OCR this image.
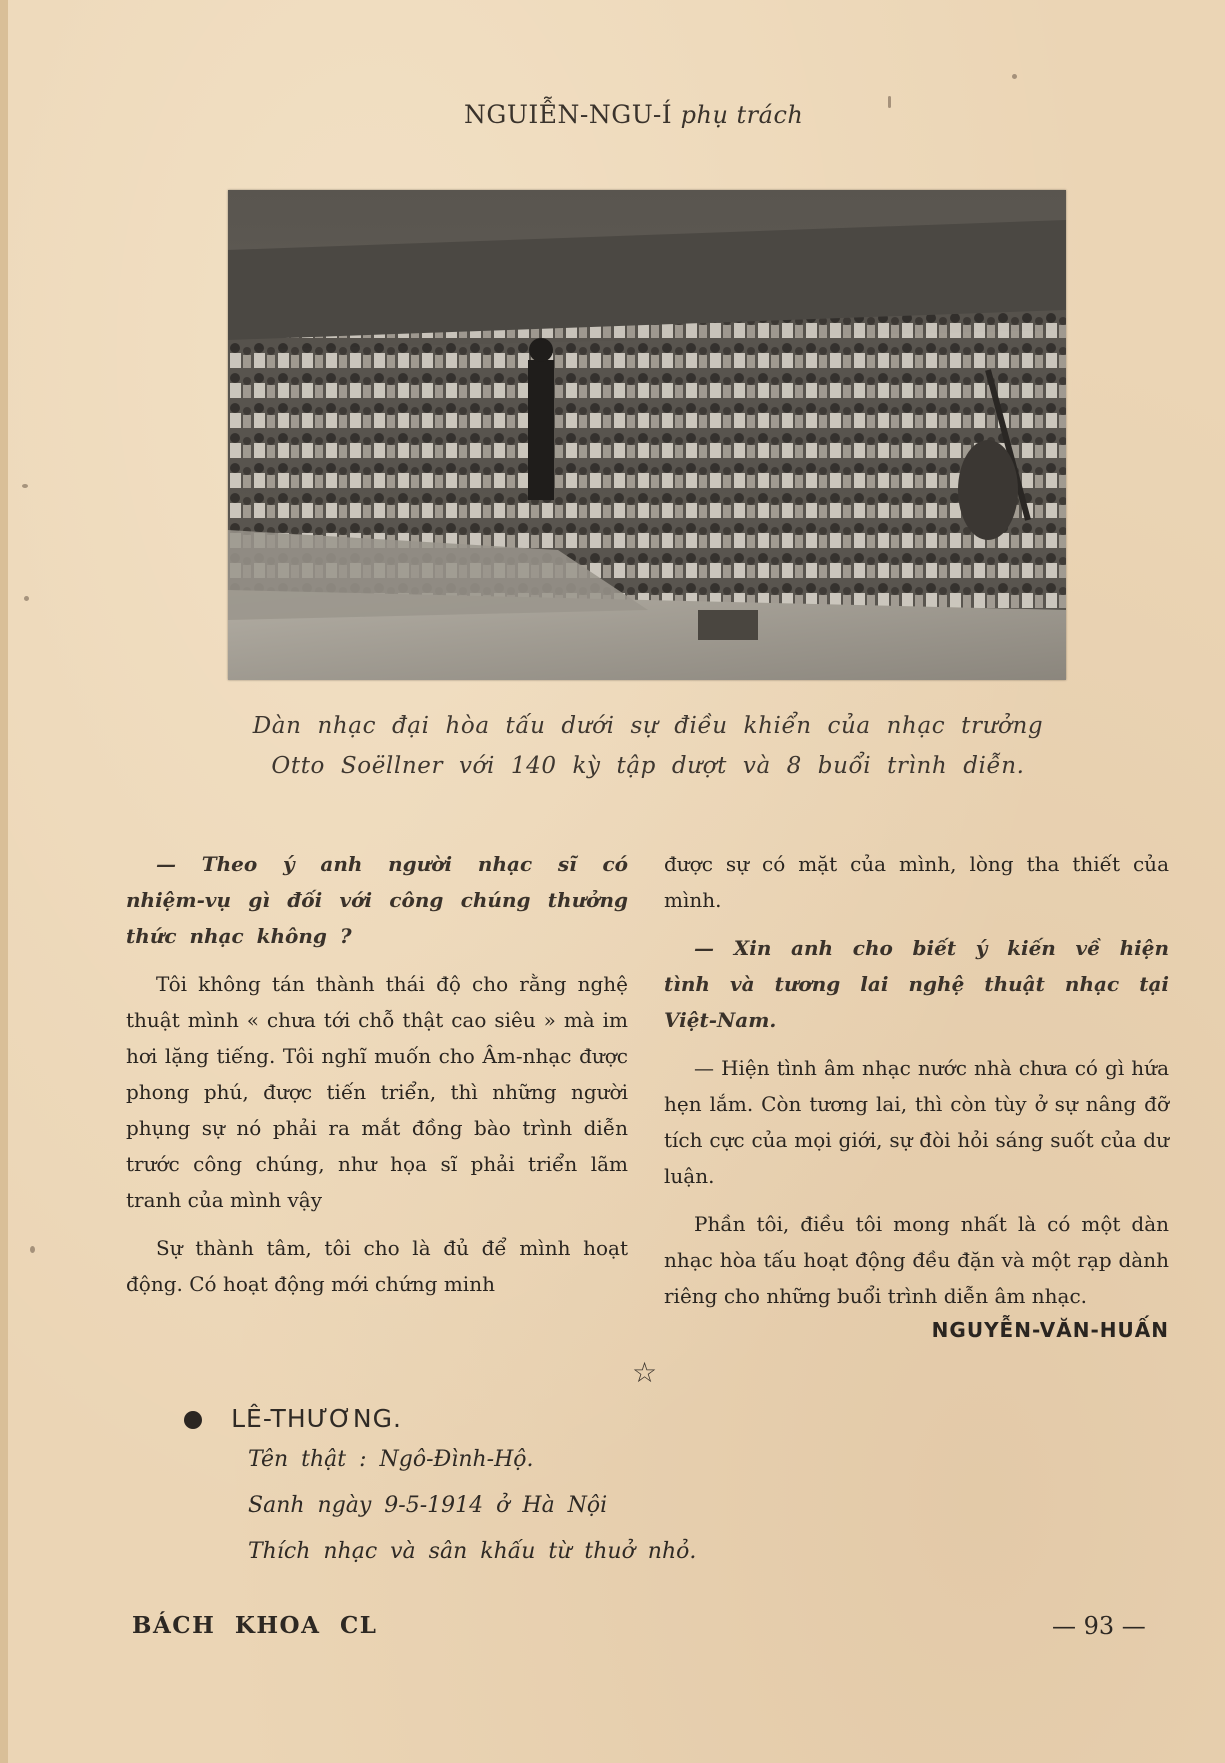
NGUIỄN-NGU-Í phụ trách
Dàn nhạc đại hòa tấu dưới sự điều khiển của nhạc trưởng
Otto Soëllner với 140 kỳ tập dượt và 8 buổi trình diễn.

— Theo ý anh người nhạc sĩ có nhiệm-vụ gì đối với công chúng thưởng thức nhạc không ?

Tôi không tán thành thái độ cho rằng nghệ thuật mình « chưa tới chỗ thật cao siêu » mà im hơi lặng tiếng. Tôi nghĩ muốn cho Âm-nhạc được phong phú, được tiến triển, thì những người phụng sự nó phải ra mắt đồng bào trình diễn trước công chúng, như họa sĩ phải triển lãm tranh của mình vậy

Sự thành tâm, tôi cho là đủ để mình hoạt động. Có hoạt động mới chứng minh

được sự có mặt của mình, lòng tha thiết của mình.

— Xin anh cho biết ý kiến về hiện tình và tương lai nghệ thuật nhạc tại Việt-Nam.

— Hiện tình âm nhạc nước nhà chưa có gì hứa hẹn lắm. Còn tương lai, thì còn tùy ở sự nâng đỡ tích cực của mọi giới, sự đòi hỏi sáng suốt của dư luận.

Phần tôi, điều tôi mong nhất là có một dàn nhạc hòa tấu hoạt động đều đặn và một rạp dành riêng cho những buổi trình diễn âm nhạc.

NGUYỄN-VĂN-HUẤN
☆
LÊ-THƯƠNG.
Tên thật : Ngô-Đình-Hộ.
Sanh ngày 9-5-1914 ở Hà Nội
Thích nhạc và sân khấu từ thuở nhỏ.
BÁCH KHOA CL	— 93 —
